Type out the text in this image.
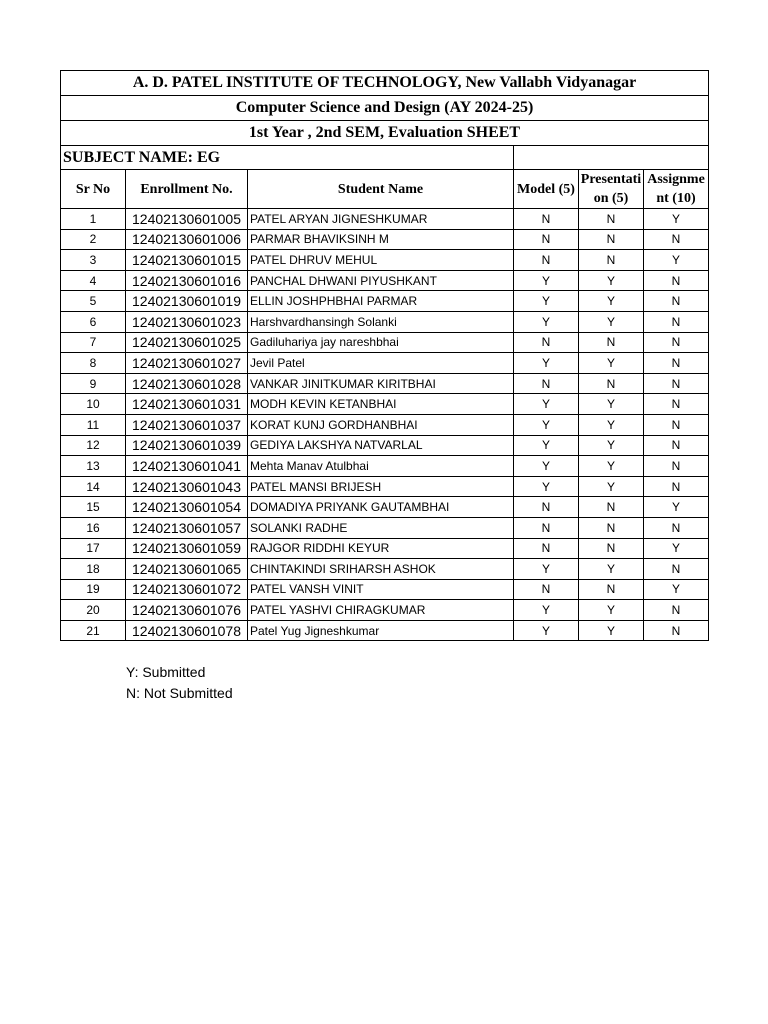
A. D. PATEL INSTITUTE OF TECHNOLOGY, New Vallabh Vidyanagar					
Computer Science and Design (AY 2024-25)					
1st Year , 2nd SEM, Evaluation SHEET					
SUBJECT NAME: EG					
Sr No	Enrollment No.	Student Name	Model (5)	Presentation (5)	Assignment (10)
1	12402130601005	PATEL ARYAN JIGNESHKUMAR	N	N	Y
2	12402130601006	PARMAR BHAVIKSINH M	N	N	N
3	12402130601015	PATEL DHRUV MEHUL	N	N	Y
4	12402130601016	PANCHAL DHWANI PIYUSHKANT	Y	Y	N
5	12402130601019	ELLIN JOSHPHBHAI PARMAR	Y	Y	N
6	12402130601023	Harshvardhansingh Solanki	Y	Y	N
7	12402130601025	Gadiluhariya jay nareshbhai	N	N	N
8	12402130601027	Jevil Patel	Y	Y	N
9	12402130601028	VANKAR JINITKUMAR KIRITBHAI	N	N	N
10	12402130601031	MODH KEVIN KETANBHAI	Y	Y	N
11	12402130601037	KORAT KUNJ GORDHANBHAI	Y	Y	N
12	12402130601039	GEDIYA LAKSHYA NATVARLAL	Y	Y	N
13	12402130601041	Mehta Manav Atulbhai	Y	Y	N
14	12402130601043	PATEL MANSI BRIJESH	Y	Y	N
15	12402130601054	DOMADIYA PRIYANK GAUTAMBHAI	N	N	Y
16	12402130601057	SOLANKI RADHE	N	N	N
17	12402130601059	RAJGOR RIDDHI KEYUR	N	N	Y
18	12402130601065	CHINTAKINDI SRIHARSH ASHOK	Y	Y	N
19	12402130601072	PATEL VANSH VINIT	N	N	Y
20	12402130601076	PATEL YASHVI CHIRAGKUMAR	Y	Y	N
21	12402130601078	Patel Yug Jigneshkumar	Y	Y	N
Y: Submitted
N: Not Submitted
